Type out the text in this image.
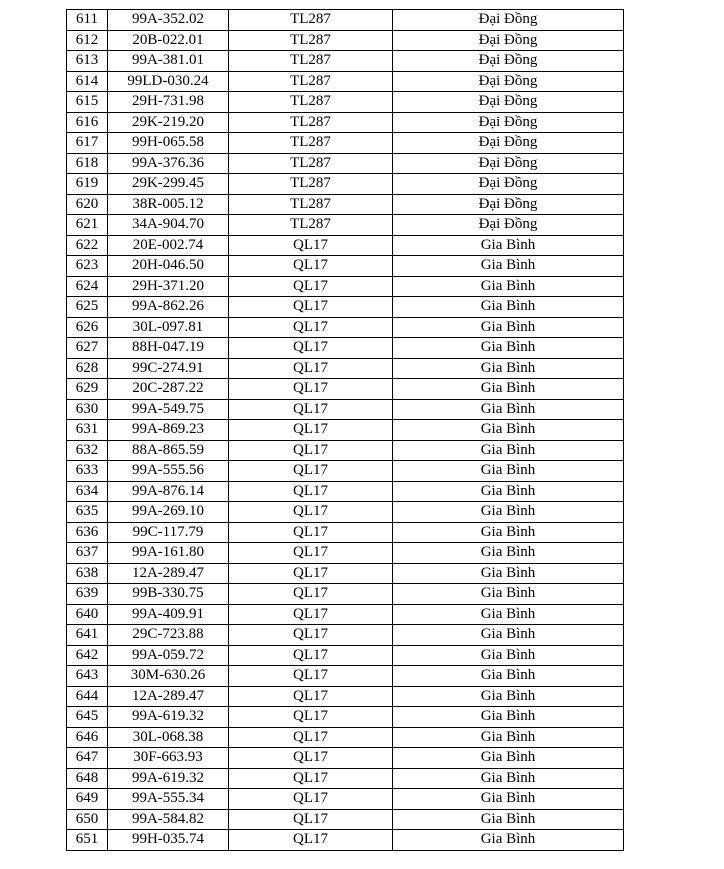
611	99A-352.02	TL287	Đại Đồng
612	20B-022.01	TL287	Đại Đồng
613	99A-381.01	TL287	Đại Đồng
614	99LD-030.24	TL287	Đại Đồng
615	29H-731.98	TL287	Đại Đồng
616	29K-219.20	TL287	Đại Đồng
617	99H-065.58	TL287	Đại Đồng
618	99A-376.36	TL287	Đại Đồng
619	29K-299.45	TL287	Đại Đồng
620	38R-005.12	TL287	Đại Đồng
621	34A-904.70	TL287	Đại Đồng
622	20E-002.74	QL17	Gia Bình
623	20H-046.50	QL17	Gia Bình
624	29H-371.20	QL17	Gia Bình
625	99A-862.26	QL17	Gia Bình
626	30L-097.81	QL17	Gia Bình
627	88H-047.19	QL17	Gia Bình
628	99C-274.91	QL17	Gia Bình
629	20C-287.22	QL17	Gia Bình
630	99A-549.75	QL17	Gia Bình
631	99A-869.23	QL17	Gia Bình
632	88A-865.59	QL17	Gia Bình
633	99A-555.56	QL17	Gia Bình
634	99A-876.14	QL17	Gia Bình
635	99A-269.10	QL17	Gia Bình
636	99C-117.79	QL17	Gia Bình
637	99A-161.80	QL17	Gia Bình
638	12A-289.47	QL17	Gia Bình
639	99B-330.75	QL17	Gia Bình
640	99A-409.91	QL17	Gia Bình
641	29C-723.88	QL17	Gia Bình
642	99A-059.72	QL17	Gia Bình
643	30M-630.26	QL17	Gia Bình
644	12A-289.47	QL17	Gia Bình
645	99A-619.32	QL17	Gia Bình
646	30L-068.38	QL17	Gia Bình
647	30F-663.93	QL17	Gia Bình
648	99A-619.32	QL17	Gia Bình
649	99A-555.34	QL17	Gia Bình
650	99A-584.82	QL17	Gia Bình
651	99H-035.74	QL17	Gia Bình
